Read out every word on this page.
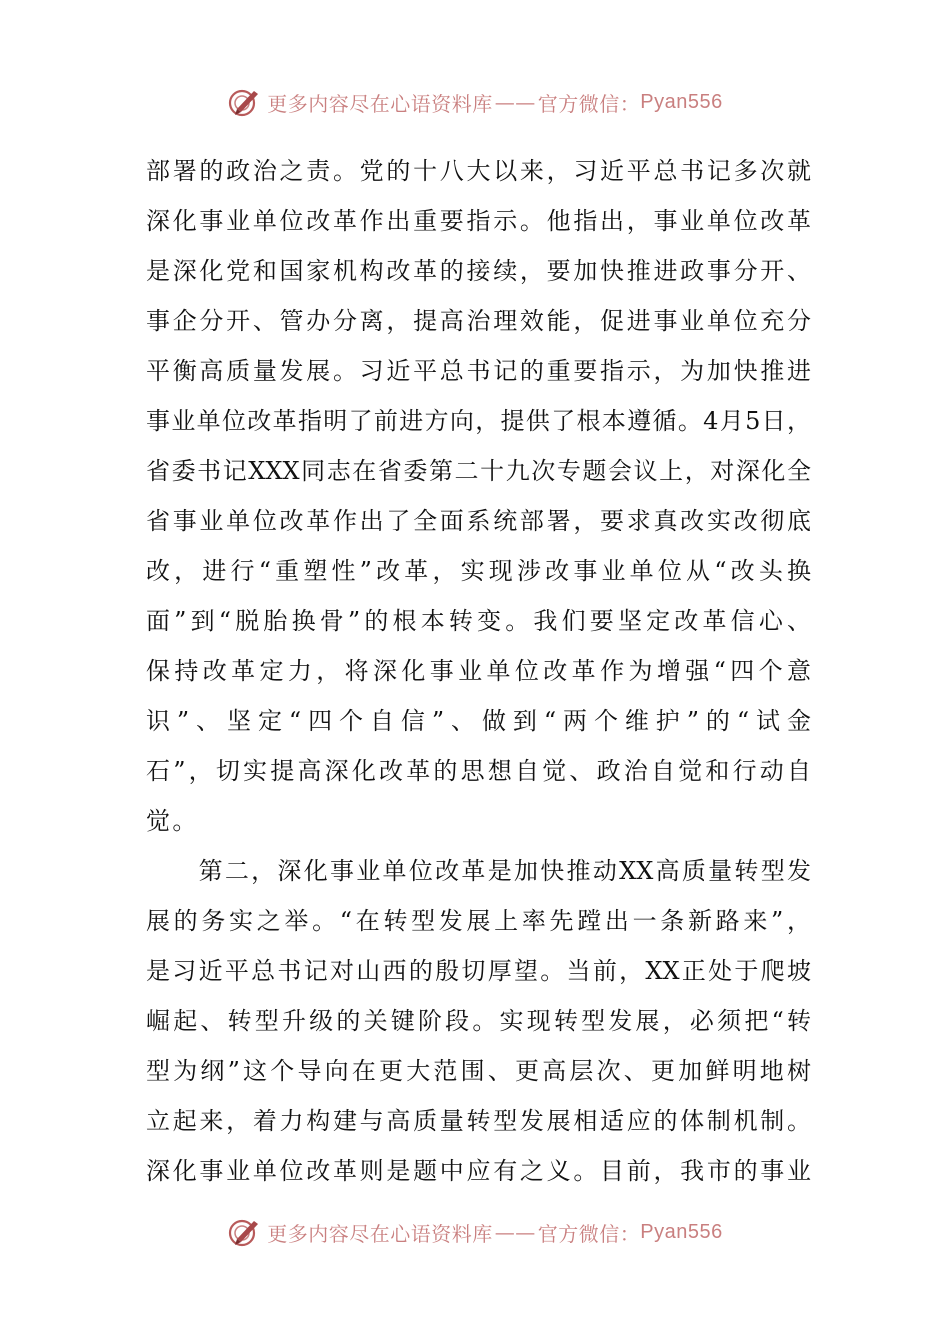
更多内容尽在心语资料库 —— 官方微信： Pyan556
部署的政治之责。党的十八大以来，习近平总书记多次就
深化事业单位改革作出重要指示。他指出，事业单位改革
是深化党和国家机构改革的接续，要加快推进政事分开、
事企分开、管办分离，提高治理效能，促进事业单位充分
平衡高质量发展。习近平总书记的重要指示，为加快推进
事业单位改革指明了前进方向，提供了根本遵循。4月5日，
省委书记XXX同志在省委第二十九次专题会议上，对深化全
省事业单位改革作出了全面系统部署，要求真改实改彻底
改，进行“重塑性”改革，实现涉改事业单位从“改头换
面”到“脱胎换骨”的根本转变。我们要坚定改革信心、
保持改革定力，将深化事业单位改革作为增强“四个意
识”、坚定“四个自信”、做到“两个维护”的“试金
石”，切实提高深化改革的思想自觉、政治自觉和行动自
觉。
　　第二，深化事业单位改革是加快推动XX高质量转型发
展的务实之举。“在转型发展上率先蹚出一条新路来”，
是习近平总书记对山西的殷切厚望。当前，XX正处于爬坡
崛起、转型升级的关键阶段。实现转型发展，必须把“转
型为纲”这个导向在更大范围、更高层次、更加鲜明地树
立起来，着力构建与高质量转型发展相适应的体制机制。
深化事业单位改革则是题中应有之义。目前，我市的事业
更多内容尽在心语资料库 —— 官方微信： Pyan556
